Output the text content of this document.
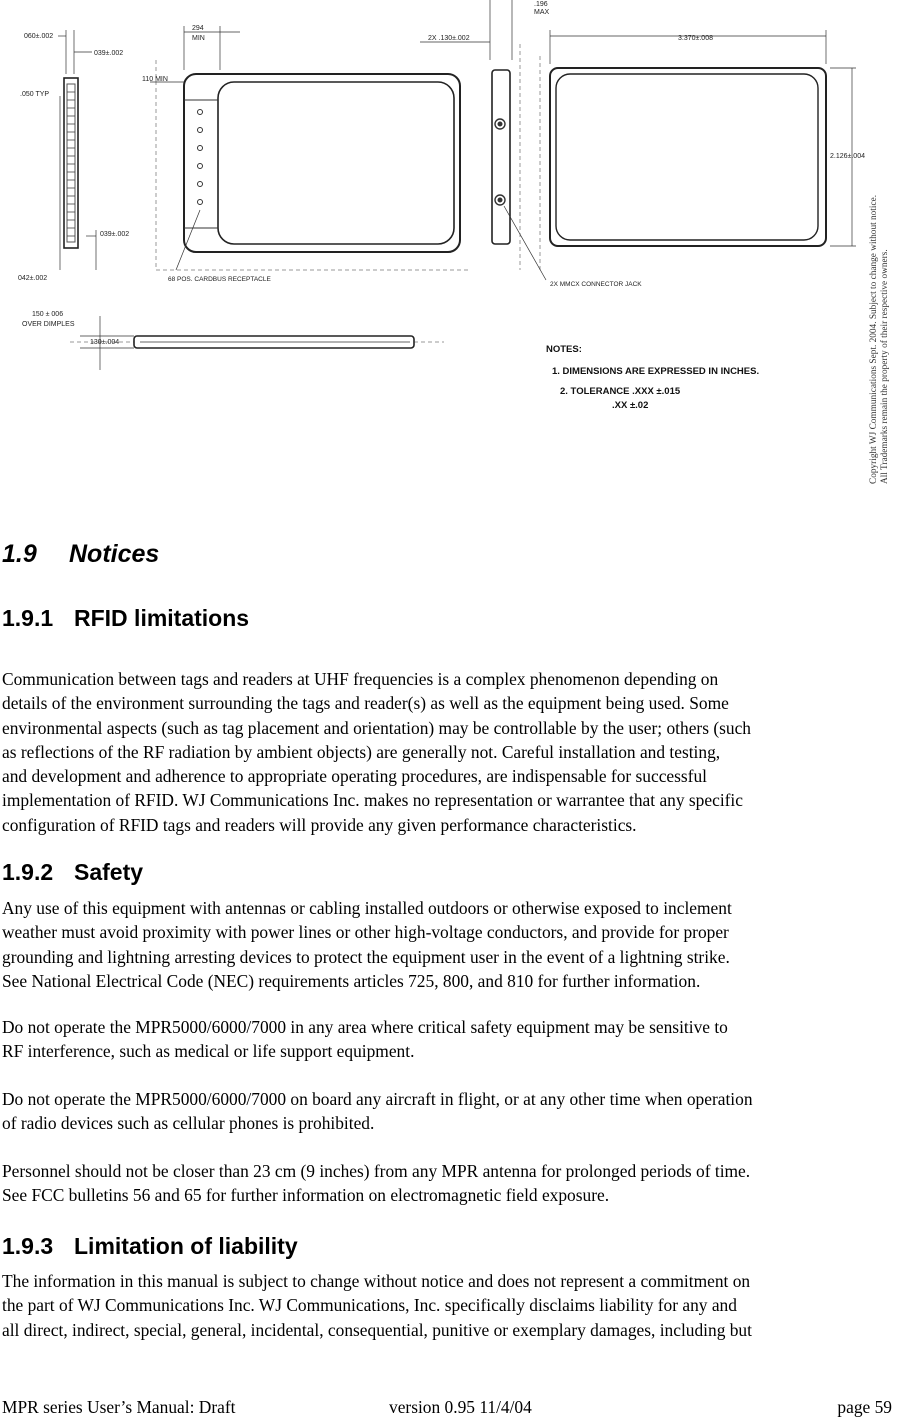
060±.002
039±.002
.050 TYP
039±.002
042±.002
294
MIN
110 MIN
68 POS. CARDBUS RECEPTACLE
2X .130±.002
.196
MAX
2X MMCX CONNECTOR JACK
3.370±.008
2.126±.004
150 ± 006
OVER DIMPLES
130±.004
NOTES:
1. DIMENSIONS ARE EXPRESSED IN INCHES.
2. TOLERANCE .XXX ±.015
.XX ±.02	Copyright WJ Communications Sept. 2004. Subject to change without notice. All Trademarks remain the property of their respective owners.
1.9 Notices
1.9.1 RFID limitations

Communication between tags and readers at UHF frequencies is a complex phenomenon depending on
details of the environment surrounding the tags and reader(s) as well as the equipment being used. Some
environmental aspects (such as tag placement and orientation) may be controllable by the user; others (such
as reflections of the RF radiation by ambient objects) are generally not. Careful installation and testing,
and development and adherence to appropriate operating procedures, are indispensable for successful
implementation of RFID. WJ Communications Inc. makes no representation or warrantee that any specific
configuration of RFID tags and readers will provide any given performance characteristics.

1.9.2 Safety

Any use of this equipment with antennas or cabling installed outdoors or otherwise exposed to inclement
weather must avoid proximity with power lines or other high-voltage conductors, and provide for proper
grounding and lightning arresting devices to protect the equipment user in the event of a lightning strike.
See National Electrical Code (NEC) requirements articles 725, 800, and 810 for further information.

Do not operate the MPR5000/6000/7000 in any area where critical safety equipment may be sensitive to
RF interference, such as medical or life support equipment.

Do not operate the MPR5000/6000/7000 on board any aircraft in flight, or at any other time when operation
of radio devices such as cellular phones is prohibited.

Personnel should not be closer than 23 cm (9 inches) from any MPR antenna for prolonged periods of time.
See FCC bulletins 56 and 65 for further information on electromagnetic field exposure.

1.9.3 Limitation of liability

The information in this manual is subject to change without notice and does not represent a commitment on
the part of WJ Communications Inc. WJ Communications, Inc. specifically disclaims liability for any and
all direct, indirect, special, general, incidental, consequential, punitive or exemplary damages, including but

MPR series User’s Manual: Draft	version 0.95 11/4/04	page 59
